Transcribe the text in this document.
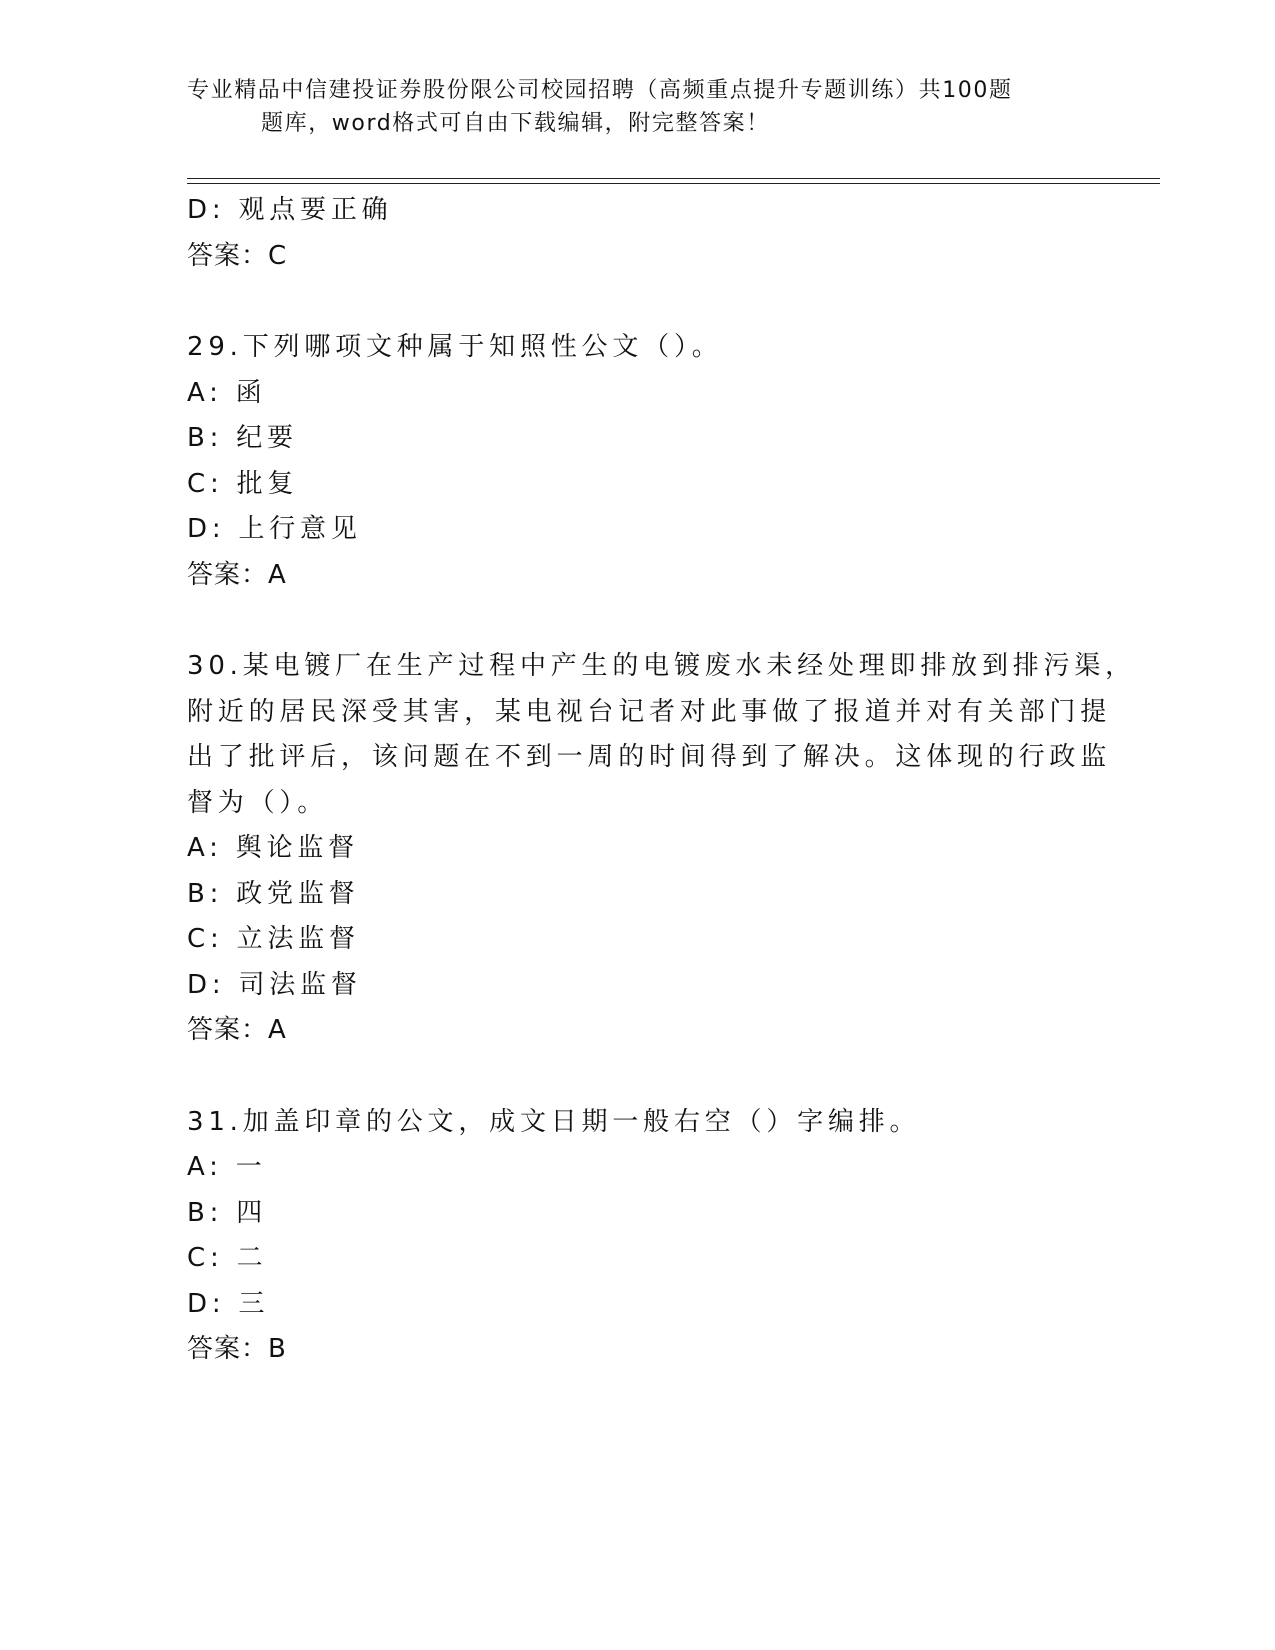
专业精品中信建投证券股份限公司校园招聘（高频重点提升专题训练）共100题
题库，word格式可自由下载编辑，附完整答案！
D: 观点要正确
答案：C
29.下列哪项文种属于知照性公文（）。
A: 函
B: 纪要
C: 批复
D: 上行意见
答案：A
30.某电镀厂在生产过程中产生的电镀废水未经处理即排放到排污渠，
附近的居民深受其害，某电视台记者对此事做了报道并对有关部门提
出了批评后，该问题在不到一周的时间得到了解决。这体现的行政监
督为（）。
A: 舆论监督
B: 政党监督
C: 立法监督
D: 司法监督
答案：A
31.加盖印章的公文，成文日期一般右空（）字编排。
A: 一
B: 四
C: 二
D: 三
答案：B
